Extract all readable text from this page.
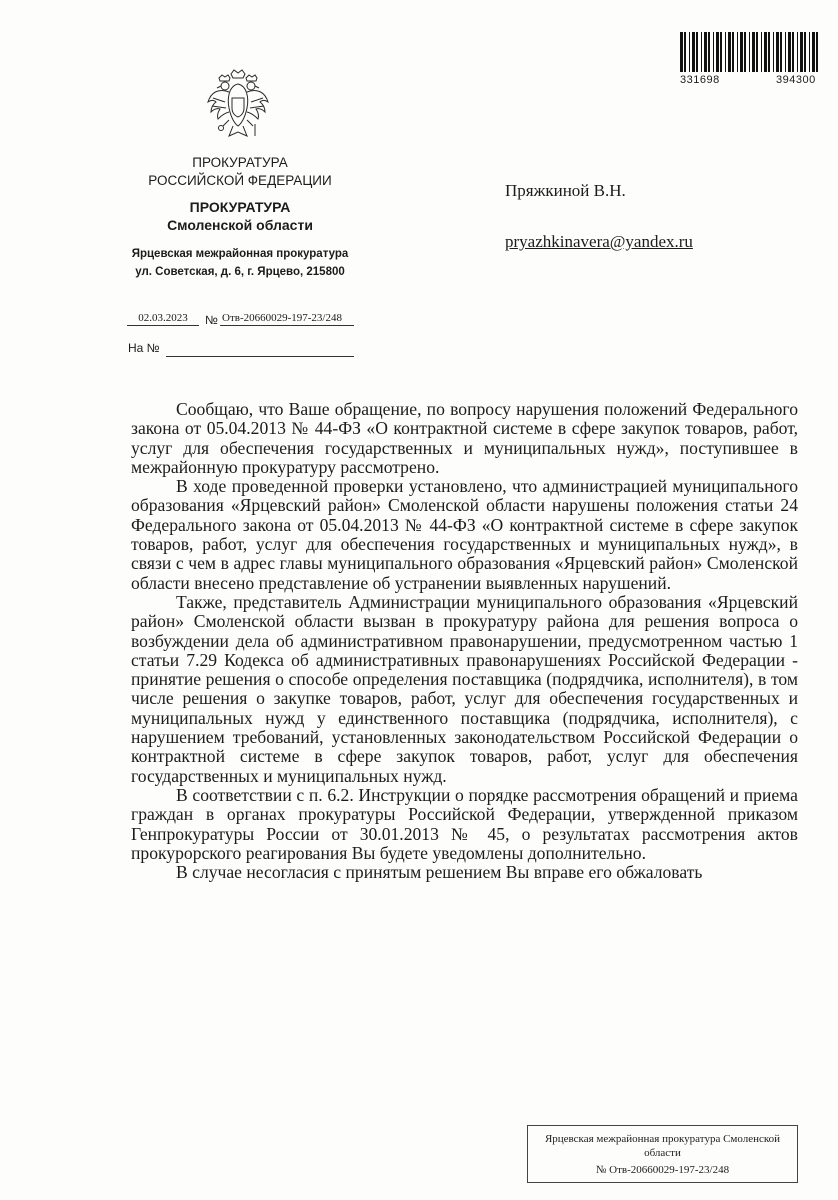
331698	394300
ПРОКУРАТУРА
РОССИЙСКОЙ ФЕДЕРАЦИИ
ПРОКУРАТУРА
Смоленской области
Ярцевская межрайонная прокуратура
ул. Советская, д. 6, г. Ярцево, 215800
02.03.2023	№ Отв-20660029-197-23/248
На №
Пряжкиной В.Н.
pryazhkinavera@yandex.ru

Сообщаю, что Ваше обращение, по вопросу нарушения положений Федерального закона от 05.04.2013 № 44-ФЗ «О контрактной системе в сфере закупок товаров, работ, услуг для обеспечения государственных и муниципальных нужд», поступившее в межрайонную прокуратуру рассмотрено.

В ходе проведенной проверки установлено, что администрацией муниципального образования «Ярцевский район» Смоленской области нарушены положения статьи 24 Федерального закона от 05.04.2013 № 44-ФЗ «О контрактной системе в сфере закупок товаров, работ, услуг для обеспечения государственных и муниципальных нужд», в связи с чем в адрес главы муниципального образования «Ярцевский район» Смоленской области внесено представление об устранении выявленных нарушений.

Также, представитель Администрации муниципального образования «Ярцевский район» Смоленской области вызван в прокуратуру района для решения вопроса о возбуждении дела об административном правонарушении, предусмотренном частью 1 статьи 7.29 Кодекса об административных правонарушениях Российской Федерации - принятие решения о способе определения поставщика (подрядчика, исполнителя), в том числе решения о закупке товаров, работ, услуг для обеспечения государственных и муниципальных нужд у единственного поставщика (подрядчика, исполнителя), с нарушением требований, установленных законодательством Российской Федерации о контрактной системе в сфере закупок товаров, работ, услуг для обеспечения государственных и муниципальных нужд.

В соответствии с п. 6.2. Инструкции о порядке рассмотрения обращений и приема граждан в органах прокуратуры Российской Федерации, утвержденной приказом Генпрокуратуры России от 30.01.2013 № 45, о результатах рассмотрения актов прокурорского реагирования Вы будете уведомлены дополнительно.

В случае несогласия с принятым решением Вы вправе его обжаловать

Ярцевская межрайонная прокуратура Смоленской
области
№ Отв-20660029-197-23/248
